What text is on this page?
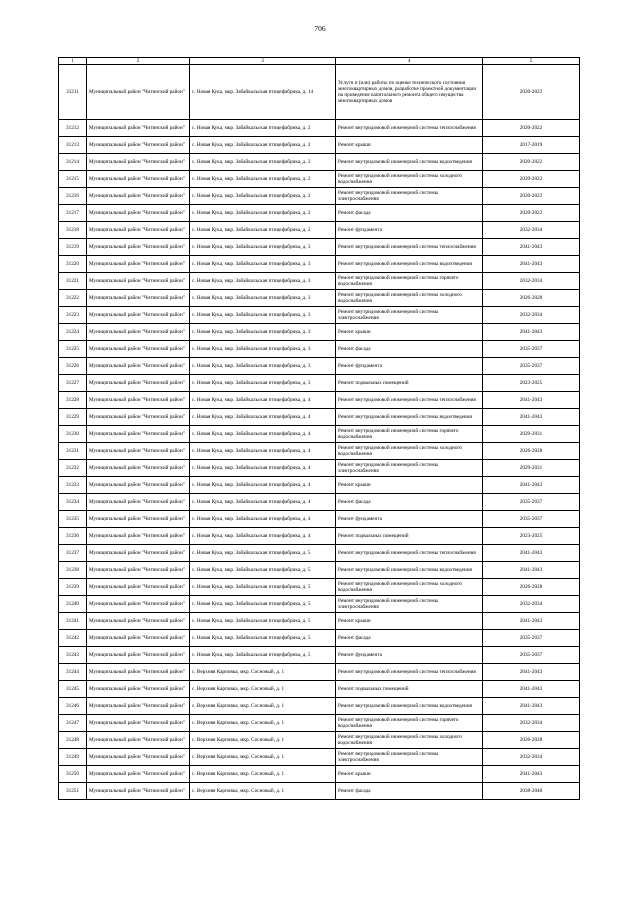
706
1	2	3	4	5
31211	Муниципальный район "Читинский район"	с. Новая Кука, мкр. Забайкальская птицефабрика, д. 14	Услуги и (или) работы по оценке технического состояния многоквартирных домов, разработке проектной документации на проведение капитального ремонта общего имущества многоквартирных домов	2020-2022
31212	Муниципальный район "Читинский район"	с. Новая Кука, мкр. Забайкальская птицефабрика, д. 2	Ремонт внутридомовой инженерной системы теплоснабжения	2020-2022
31213	Муниципальный район "Читинский район"	с. Новая Кука, мкр. Забайкальская птицефабрика, д. 2	Ремонт крыши	2017-2019
31214	Муниципальный район "Читинский район"	с. Новая Кука, мкр. Забайкальская птицефабрика, д. 2	Ремонт внутридомовой инженерной системы водоотведения	2020-2022
31215	Муниципальный район "Читинский район"	с. Новая Кука, мкр. Забайкальская птицефабрика, д. 2	Ремонт внутридомовой инженерной системы холодного водоснабжения	2020-2022
31216	Муниципальный район "Читинский район"	с. Новая Кука, мкр. Забайкальская птицефабрика, д. 2	Ремонт внутридомовой инженерной системы электроснабжения	2020-2022
31217	Муниципальный район "Читинский район"	с. Новая Кука, мкр. Забайкальская птицефабрика, д. 2	Ремонт фасада	2020-2022
31218	Муниципальный район "Читинский район"	с. Новая Кука, мкр. Забайкальская птицефабрика, д. 2	Ремонт фундамента	2032-2034
31219	Муниципальный район "Читинский район"	с. Новая Кука, мкр. Забайкальская птицефабрика, д. 3	Ремонт внутридомовой инженерной системы теплоснабжения	2041-2043
31220	Муниципальный район "Читинский район"	с. Новая Кука, мкр. Забайкальская птицефабрика, д. 3	Ремонт внутридомовой инженерной системы водоотведения	2041-2043
31221	Муниципальный район "Читинский район"	с. Новая Кука, мкр. Забайкальская птицефабрика, д. 3	Ремонт внутридомовой инженерной системы горячего водоснабжения	2032-2034
31222	Муниципальный район "Читинский район"	с. Новая Кука, мкр. Забайкальская птицефабрика, д. 3	Ремонт внутридомовой инженерной системы холодного водоснабжения	2026-2028
31223	Муниципальный район "Читинский район"	с. Новая Кука, мкр. Забайкальская птицефабрика, д. 3	Ремонт внутридомовой инженерной системы электроснабжения	2032-2034
31224	Муниципальный район "Читинский район"	с. Новая Кука, мкр. Забайкальская птицефабрика, д. 3	Ремонт крыши	2041-2043
31225	Муниципальный район "Читинский район"	с. Новая Кука, мкр. Забайкальская птицефабрика, д. 3	Ремонт фасада	2035-2037
31226	Муниципальный район "Читинский район"	с. Новая Кука, мкр. Забайкальская птицефабрика, д. 3	Ремонт фундамента	2035-2037
31227	Муниципальный район "Читинский район"	с. Новая Кука, мкр. Забайкальская птицефабрика, д. 3	Ремонт подвальных помещений	2023-2025
31228	Муниципальный район "Читинский район"	с. Новая Кука, мкр. Забайкальская птицефабрика, д. 4	Ремонт внутридомовой инженерной системы теплоснабжения	2041-2043
31229	Муниципальный район "Читинский район"	с. Новая Кука, мкр. Забайкальская птицефабрика, д. 4	Ремонт внутридомовой инженерной системы водоотведения	2041-2043
31230	Муниципальный район "Читинский район"	с. Новая Кука, мкр. Забайкальская птицефабрика, д. 4	Ремонт внутридомовой инженерной системы горячего водоснабжения	2029-2031
31231	Муниципальный район "Читинский район"	с. Новая Кука, мкр. Забайкальская птицефабрика, д. 4	Ремонт внутридомовой инженерной системы холодного водоснабжения	2026-2028
31232	Муниципальный район "Читинский район"	с. Новая Кука, мкр. Забайкальская птицефабрика, д. 4	Ремонт внутридомовой инженерной системы электроснабжения	2029-2031
31233	Муниципальный район "Читинский район"	с. Новая Кука, мкр. Забайкальская птицефабрика, д. 4	Ремонт крыши	2041-2043
31234	Муниципальный район "Читинский район"	с. Новая Кука, мкр. Забайкальская птицефабрика, д. 4	Ремонт фасада	2035-2037
31235	Муниципальный район "Читинский район"	с. Новая Кука, мкр. Забайкальская птицефабрика, д. 4	Ремонт фундамента	2035-2037
31236	Муниципальный район "Читинский район"	с. Новая Кука, мкр. Забайкальская птицефабрика, д. 4	Ремонт подвальных помещений	2023-2025
31237	Муниципальный район "Читинский район"	с. Новая Кука, мкр. Забайкальская птицефабрика, д. 5	Ремонт внутридомовой инженерной системы теплоснабжения	2041-2043
31238	Муниципальный район "Читинский район"	с. Новая Кука, мкр. Забайкальская птицефабрика, д. 5	Ремонт внутридомовой инженерной системы водоотведения	2041-2043
31239	Муниципальный район "Читинский район"	с. Новая Кука, мкр. Забайкальская птицефабрика, д. 5	Ремонт внутридомовой инженерной системы холодного водоснабжения	2026-2028
31240	Муниципальный район "Читинский район"	с. Новая Кука, мкр. Забайкальская птицефабрика, д. 5	Ремонт внутридомовой инженерной системы электроснабжения	2032-2034
31241	Муниципальный район "Читинский район"	с. Новая Кука, мкр. Забайкальская птицефабрика, д. 5	Ремонт крыши	2041-2043
31242	Муниципальный район "Читинский район"	с. Новая Кука, мкр. Забайкальская птицефабрика, д. 5	Ремонт фасада	2035-2037
31243	Муниципальный район "Читинский район"	с. Новая Кука, мкр. Забайкальская птицефабрика, д. 5	Ремонт фундамента	2035-2037
31244	Муниципальный район "Читинский район"	с. Верхняя Карповка, мкр. Сосновый, д. 1	Ремонт внутридомовой инженерной системы теплоснабжения	2041-2043
31245	Муниципальный район "Читинский район"	с. Верхняя Карповка, мкр. Сосновый, д. 1	Ремонт подвальных помещений	2041-2043
31246	Муниципальный район "Читинский район"	с. Верхняя Карповка, мкр. Сосновый, д. 1	Ремонт внутридомовой инженерной системы водоотведения	2041-2043
31247	Муниципальный район "Читинский район"	с. Верхняя Карповка, мкр. Сосновый, д. 1	Ремонт внутридомовой инженерной системы горячего водоснабжения	2032-2034
31248	Муниципальный район "Читинский район"	с. Верхняя Карповка, мкр. Сосновый, д. 1	Ремонт внутридомовой инженерной системы холодного водоснабжения	2026-2028
31249	Муниципальный район "Читинский район"	с. Верхняя Карповка, мкр. Сосновый, д. 1	Ремонт внутридомовой инженерной системы электроснабжения	2032-2034
31250	Муниципальный район "Читинский район"	с. Верхняя Карповка, мкр. Сосновый, д. 1	Ремонт крыши	2041-2043
31251	Муниципальный район "Читинский район"	с. Верхняя Карповка, мкр. Сосновый, д. 1	Ремонт фасада	2038-2040
